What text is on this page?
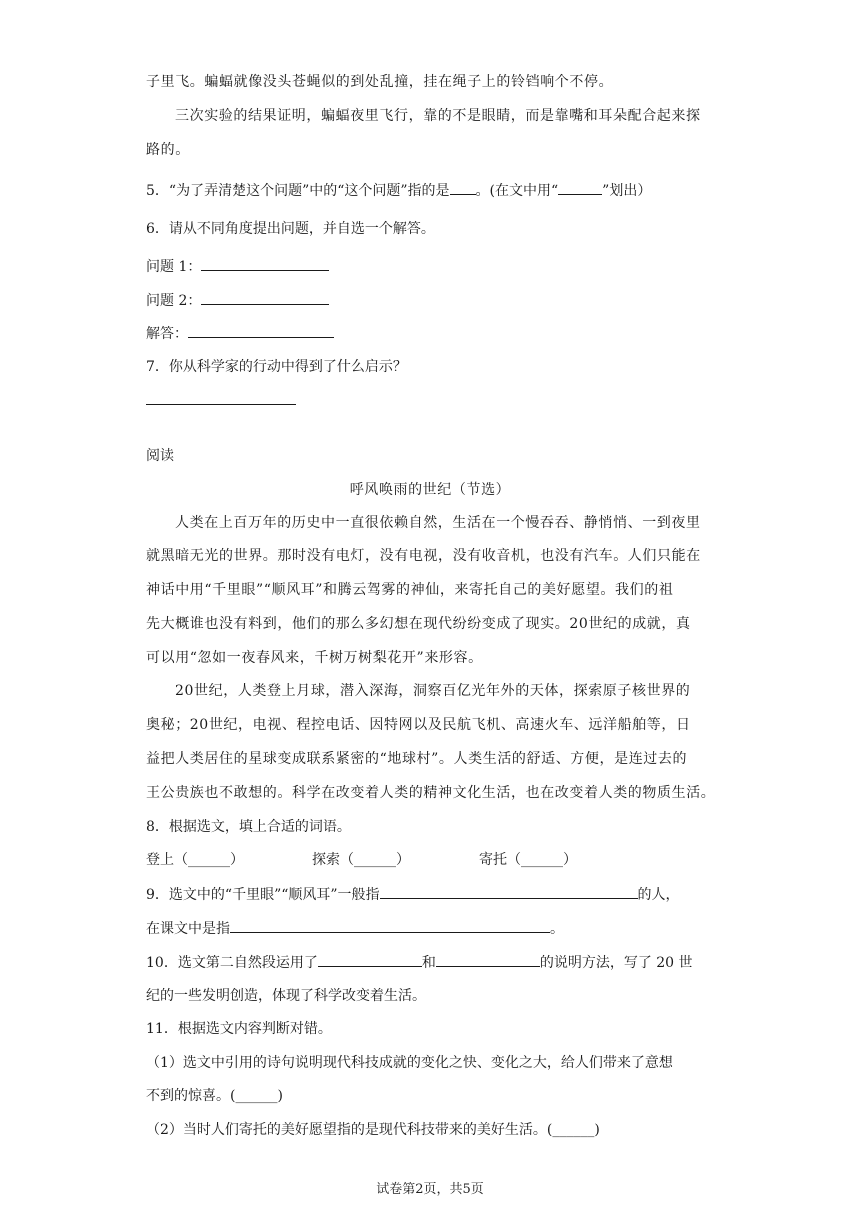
子里飞。蝙蝠就像没头苍蝇似的到处乱撞，挂在绳子上的铃铛响个不停。
三次实验的结果证明，蝙蝠夜里飞行，靠的不是眼睛，而是靠嘴和耳朵配合起来探
路的。
5．“为了弄清楚这个问题”中的“这个问题”指的是 。(在文中用“	”划出）
6．请从不同角度提出问题，并自选一个解答。
问题 1：
问题 2：
解答：
7．你从科学家的行动中得到了什么启示？
阅读
呼风唤雨的世纪（节选）
人类在上百万年的历史中一直很依赖自然，生活在一个慢吞吞、静悄悄、一到夜里
就黑暗无光的世界。那时没有电灯，没有电视，没有收音机，也没有汽车。人们只能在
神话中用“千里眼”“顺风耳”和腾云驾雾的神仙，来寄托自己的美好愿望。我们的祖
先大概谁也没有料到，他们的那么多幻想在现代纷纷变成了现实。20世纪的成就，真
可以用“忽如一夜春风来，千树万树梨花开”来形容。
20世纪，人类登上月球，潜入深海，洞察百亿光年外的天体，探索原子核世界的
奥秘；20世纪，电视、程控电话、因特网以及民航飞机、高速火车、远洋船舶等，日
益把人类居住的星球变成联系紧密的“地球村”。人类生活的舒适、方便，是连过去的
王公贵族也不敢想的。科学在改变着人类的精神文化生活，也在改变着人类的物质生活。
8．根据选文，填上合适的词语。
登上（______）	探索（______）	寄托（______）
9．选文中的“千里眼”“顺风耳”一般指	的人，
在课文中是指	。
10．选文第二自然段运用了	和	的说明方法，写了 20 世
纪的一些发明创造，体现了科学改变着生活。
11．根据选文内容判断对错。
（1）选文中引用的诗句说明现代科技成就的变化之快、变化之大，给人们带来了意想
不到的惊喜。(______)
（2）当时人们寄托的美好愿望指的是现代科技带来的美好生活。(______)
试卷第2页，共5页
